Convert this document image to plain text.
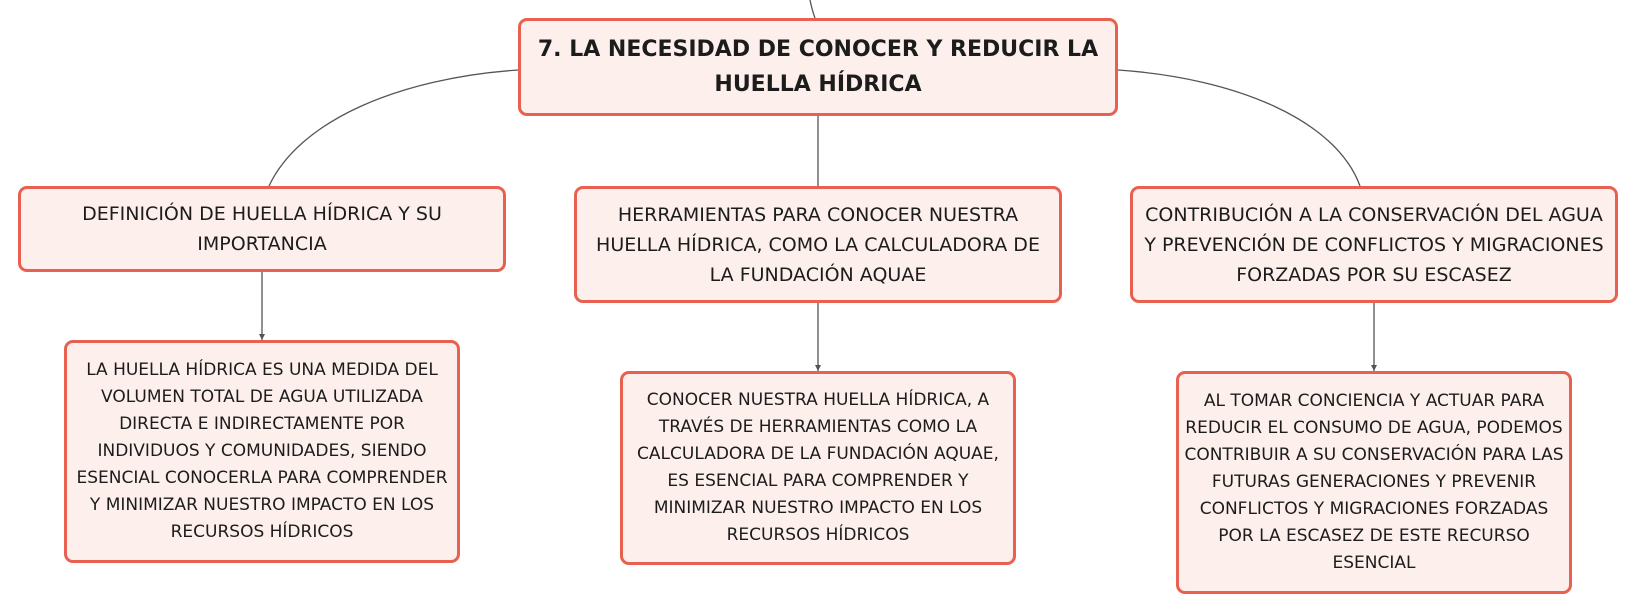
7. LA NECESIDAD DE CONOCER Y REDUCIR LA HUELLA HÍDRICA
DEFINICIÓN DE HUELLA HÍDRICA Y SU IMPORTANCIA
HERRAMIENTAS PARA CONOCER NUESTRA HUELLA HÍDRICA, COMO LA CALCULADORA DE LA FUNDACIÓN AQUAE
CONTRIBUCIÓN A LA CONSERVACIÓN DEL AGUA Y PREVENCIÓN DE CONFLICTOS Y MIGRACIONES FORZADAS POR SU ESCASEZ
LA HUELLA HÍDRICA ES UNA MEDIDA DEL VOLUMEN TOTAL DE AGUA UTILIZADA DIRECTA E INDIRECTAMENTE POR INDIVIDUOS Y COMUNIDADES, SIENDO ESENCIAL CONOCERLA PARA COMPRENDER Y MINIMIZAR NUESTRO IMPACTO EN LOS RECURSOS HÍDRICOS
CONOCER NUESTRA HUELLA HÍDRICA, A TRAVÉS DE HERRAMIENTAS COMO LA CALCULADORA DE LA FUNDACIÓN AQUAE, ES ESENCIAL PARA COMPRENDER Y MINIMIZAR NUESTRO IMPACTO EN LOS RECURSOS HÍDRICOS
AL TOMAR CONCIENCIA Y ACTUAR PARA REDUCIR EL CONSUMO DE AGUA, PODEMOS CONTRIBUIR A SU CONSERVACIÓN PARA LAS FUTURAS GENERACIONES Y PREVENIR CONFLICTOS Y MIGRACIONES FORZADAS POR LA ESCASEZ DE ESTE RECURSO ESENCIAL
